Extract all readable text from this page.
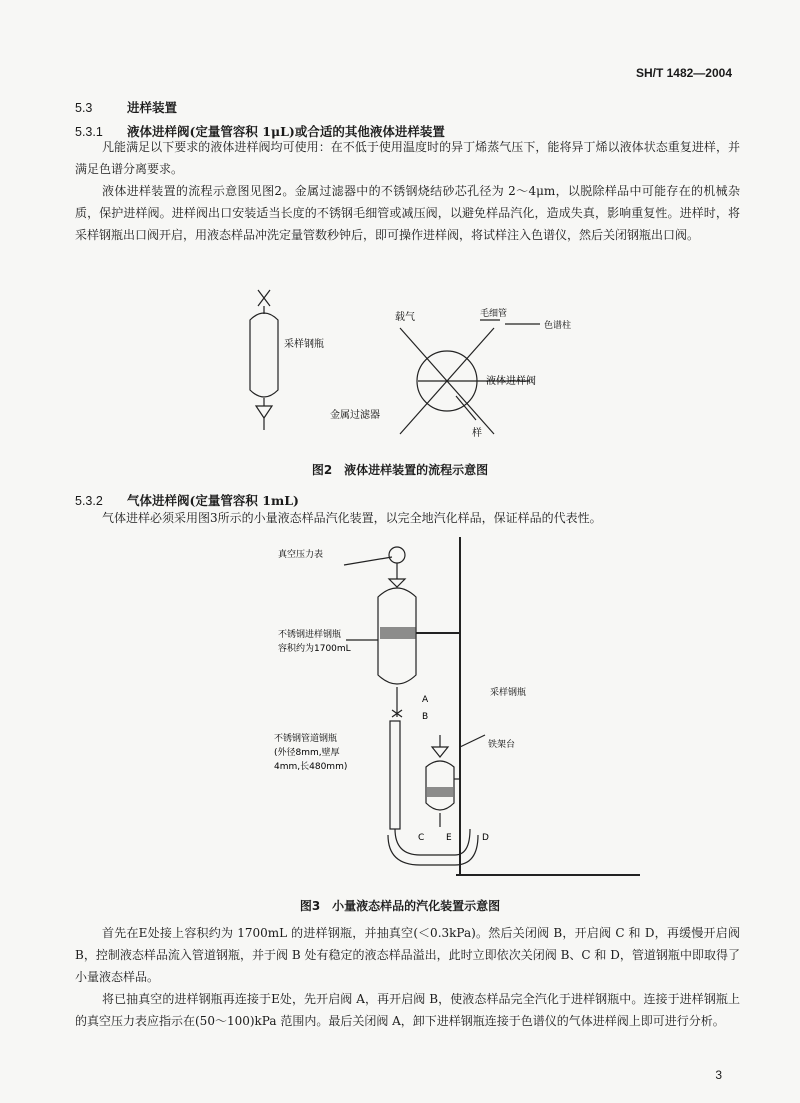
SH/T 1482—2004
5.3	进样装置
5.3.1 液体进样阀(定量管容积 1μL)或合适的其他液体进样装置

凡能满足以下要求的液体进样阀均可使用：在不低于使用温度时的异丁烯蒸气压下，能将异丁烯以液体状态重复进样，并满足色谱分离要求。

液体进样装置的流程示意图见图2。金属过滤器中的不锈钢烧结砂芯孔径为 2～4μm，以脱除样品中可能存在的机械杂质，保护进样阀。进样阀出口安装适当长度的不锈钢毛细管或减压阀，以避免样品汽化，造成失真，影响重复性。进样时，将采样钢瓶出口阀开启，用液态样品冲洗定量管数秒钟后，即可操作进样阀，将试样注入色谱仪，然后关闭钢瓶出口阀。

采样钢瓶
载气	毛细管
色谱柱
液体进样阀
金属过滤器
样
图2　液体进样装置的流程示意图
5.3.2 气体进样阀(定量管容积 1mL)

气体进样必须采用图3所示的小量液态样品汽化装置，以完全地汽化样品，保证样品的代表性。

真空压力表
不锈钢进样钢瓶
容积约为1700mL
A
B
不锈钢管道钢瓶
(外径8mm,壁厚
4mm,长480mm)
采样钢瓶
铁架台
C	D
E
图3　小量液态样品的汽化装置示意图

首先在E处接上容积约为 1700mL 的进样钢瓶，并抽真空(＜0.3kPa)。然后关闭阀 B，开启阀 C 和 D，再缓慢开启阀 B，控制液态样品流入管道钢瓶，并于阀 B 处有稳定的液态样品溢出，此时立即依次关闭阀 B、C 和 D，管道钢瓶中即取得了小量液态样品。

将已抽真空的进样钢瓶再连接于E处，先开启阀 A，再开启阀 B，使液态样品完全汽化于进样钢瓶中。连接于进样钢瓶上的真空压力表应指示在(50～100)kPa 范围内。最后关闭阀 A，卸下进样钢瓶连接于色谱仪的气体进样阀上即可进行分析。

3
